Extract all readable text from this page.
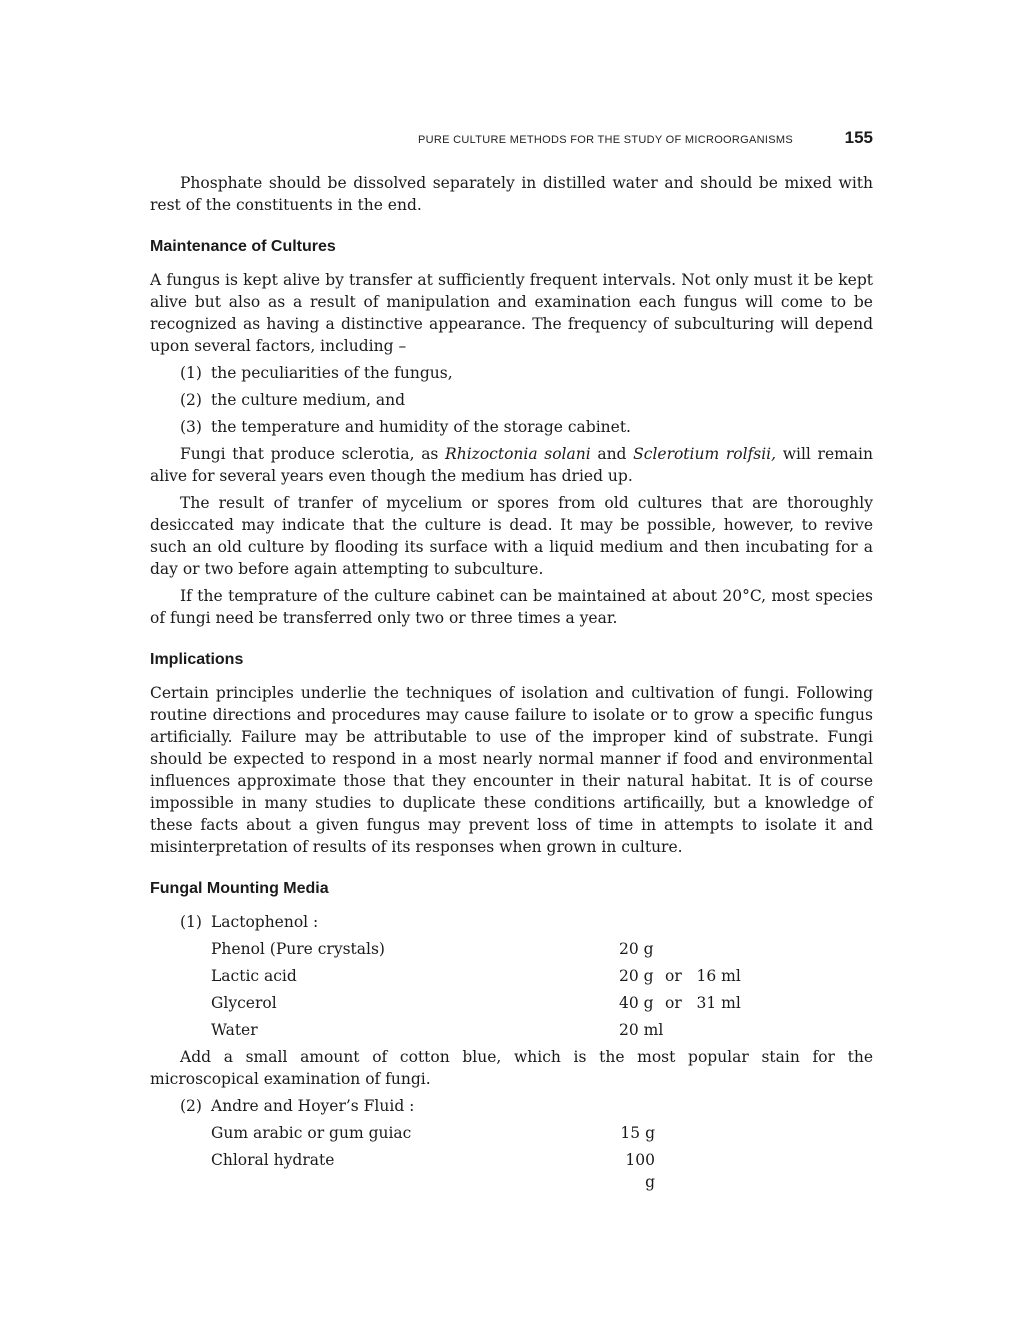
PURE CULTURE METHODS FOR THE STUDY OF MICROORGANISMS	155

Phosphate should be dissolved separately in distilled water and should be mixed with rest of the constituents in the end.

Maintenance of Cultures

A fungus is kept alive by transfer at sufficiently frequent intervals. Not only must it be kept alive but also as a result of manipulation and examination each fungus will come to be recognized as having a distinctive appearance. The frequency of subculturing will depend upon several factors, including –

(1) the peculiarities of the fungus,
(2) the culture medium, and
(3) the temperature and humidity of the storage cabinet.

Fungi that produce sclerotia, as Rhizoctonia solani and Sclerotium rolfsii, will remain alive for several years even though the medium has dried up.

The result of tranfer of mycelium or spores from old cultures that are thoroughly desiccated may indicate that the culture is dead. It may be possible, however, to revive such an old culture by flooding its surface with a liquid medium and then incubating for a day or two before again attempting to subculture.

If the temprature of the culture cabinet can be maintained at about 20°C, most species of fungi need be transferred only two or three times a year.

Implications

Certain principles underlie the techniques of isolation and cultivation of fungi. Following routine directions and procedures may cause failure to isolate or to grow a specific fungus artificially. Failure may be attributable to use of the improper kind of substrate. Fungi should be expected to respond in a most nearly normal manner if food and environmental influences approximate those that they encounter in their natural habitat. It is of course impossible in many studies to duplicate these conditions artificailly, but a knowledge of these facts about a given fungus may prevent loss of time in attempts to isolate it and misinterpretation of results of its responses when grown in culture.

Fungal Mounting Media
(1) Lactophenol :
Phenol (Pure crystals)	20 g
Lactic acid	20 g or   16 ml
Glycerol	40 g or   31 ml
Water	20 ml

Add a small amount of cotton blue, which is the most popular stain for the microscopical examination of fungi.

(2) Andre and Hoyer’s Fluid :
Gum arabic or gum guiac	15 g
Chloral hydrate	100 g
